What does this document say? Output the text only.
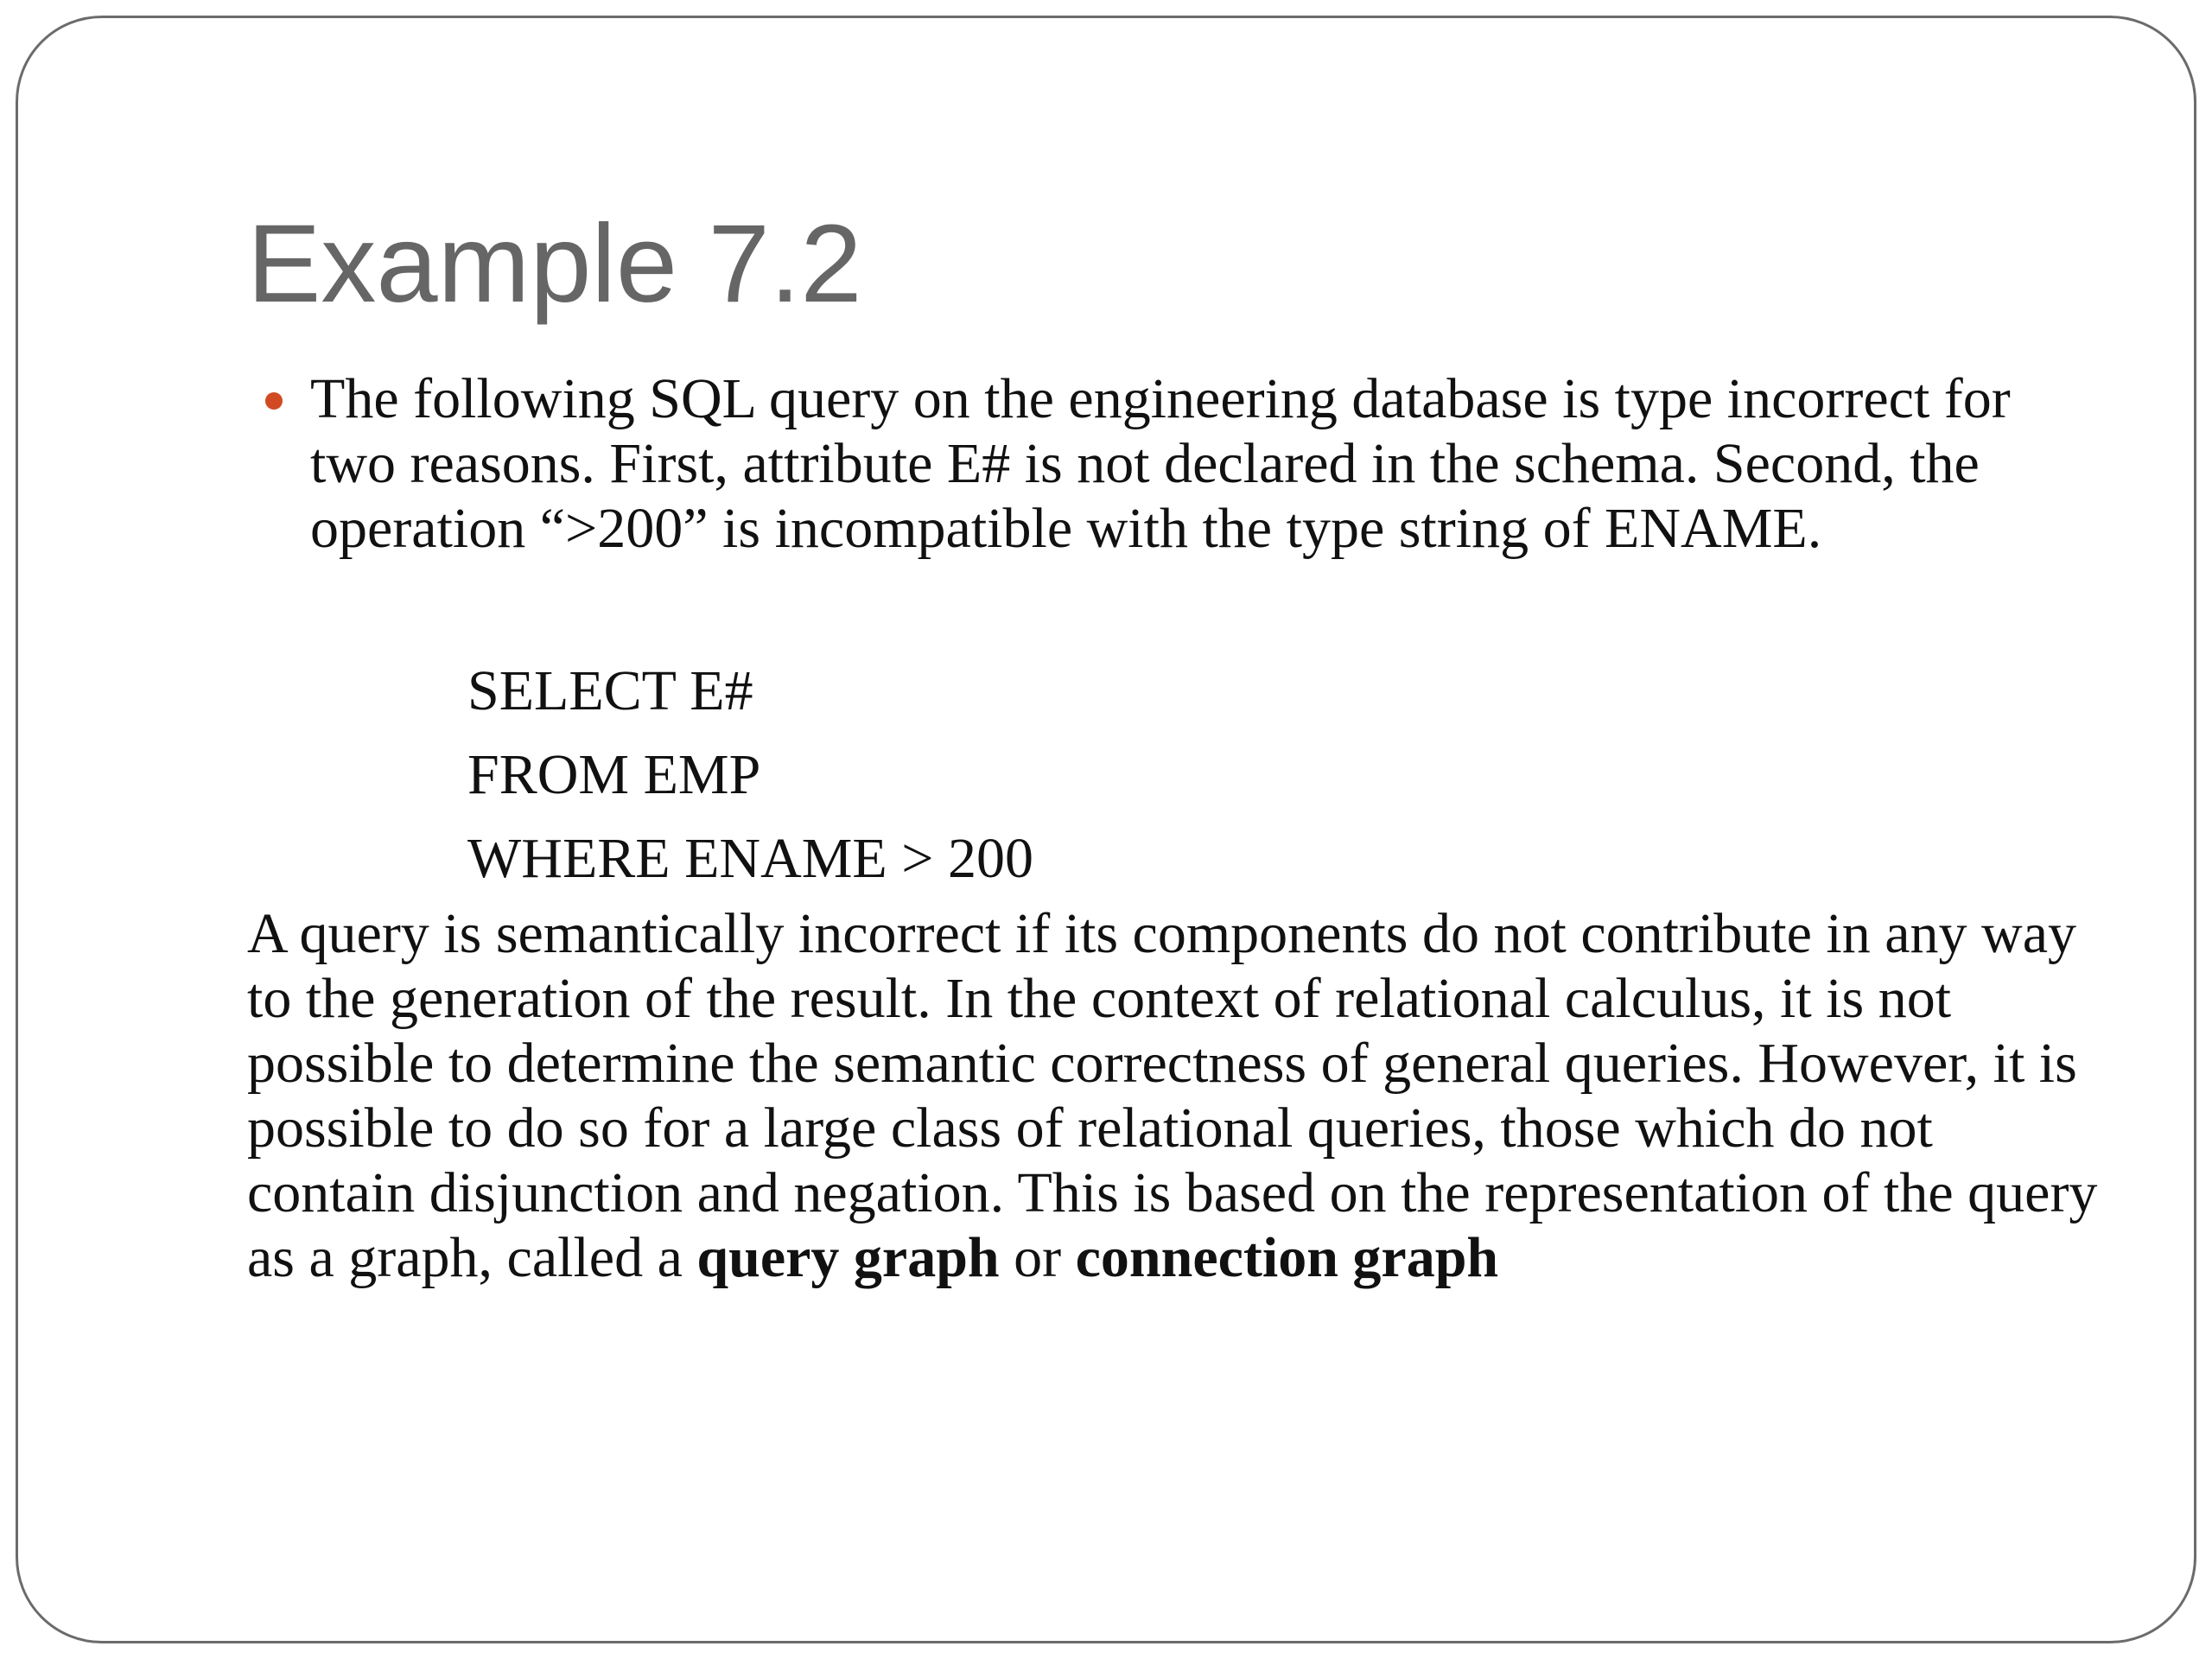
Example 7.2

The following SQL query on the engineering database is type incorrect for two reasons. First, attribute E# is not declared in the schema. Second, the operation “>200” is incompatible with the type string of ENAME.

SELECT E#
FROM EMP
WHERE ENAME > 200

A query is semantically incorrect if its components do not contribute in any way to the generation of the result. In the context of relational calculus, it is not possible to determine the semantic correctness of general queries. However, it is possible to do so for a large class of relational queries, those which do not contain disjunction and negation. This is based on the representation of the query as a graph, called a query graph or connection graph
